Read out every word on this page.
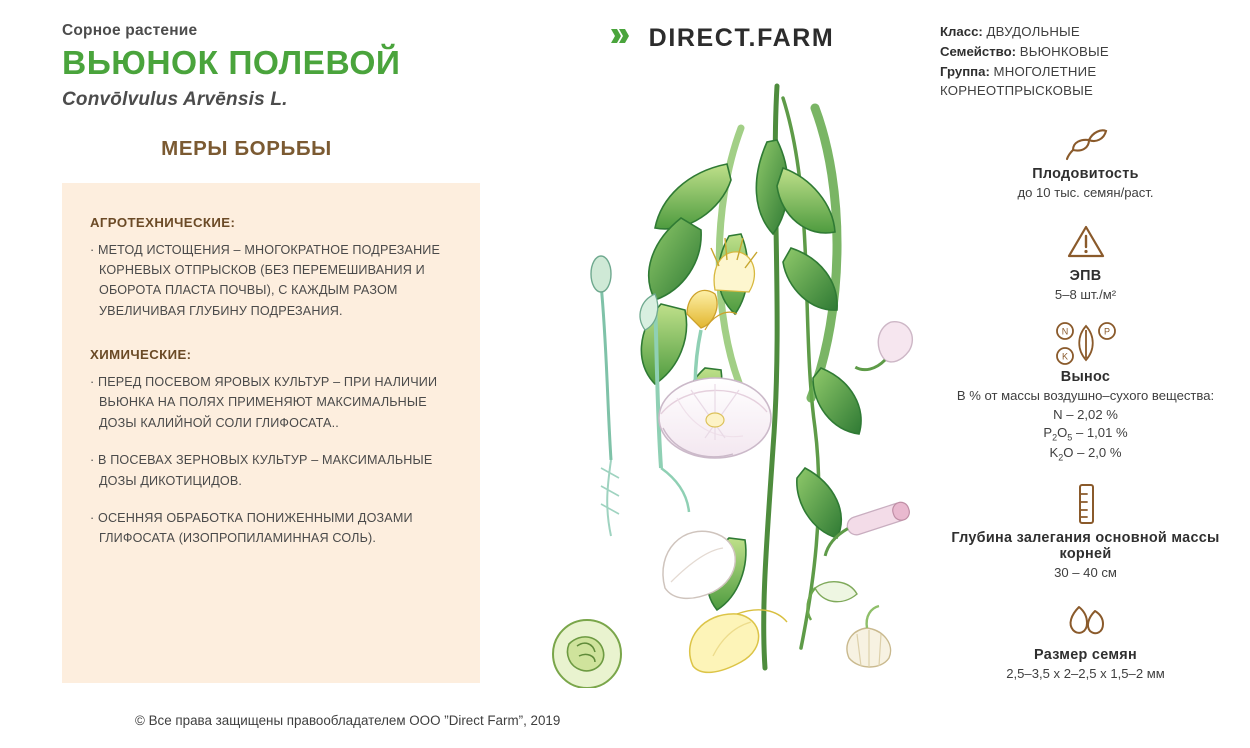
Сорное растение
ВЬЮНОК ПОЛЕВОЙ
Convōlvulus Arvēnsis L.
МЕРЫ БОРЬБЫ
АГРОТЕХНИЧЕСКИЕ:
· МЕТОД ИСТОЩЕНИЯ – МНОГОКРАТНОЕ ПОДРЕЗАНИЕ КОРНЕВЫХ ОТПРЫСКОВ (БЕЗ ПЕРЕМЕШИВАНИЯ И ОБОРОТА ПЛАСТА ПОЧВЫ), С КАЖДЫМ РАЗОМ УВЕЛИЧИВАЯ ГЛУБИНУ ПОДРЕЗАНИЯ.
ХИМИЧЕСКИЕ:
· ПЕРЕД ПОСЕВОМ ЯРОВЫХ КУЛЬТУР – ПРИ НАЛИЧИИ ВЬЮНКА НА ПОЛЯХ ПРИМЕНЯЮТ МАКСИМАЛЬНЫЕ ДОЗЫ КАЛИЙНОЙ СОЛИ ГЛИФОСАТА..
· В ПОСЕВАХ ЗЕРНОВЫХ КУЛЬТУР – МАКСИМАЛЬНЫЕ ДОЗЫ ДИКОТИЦИДОВ.
· ОСЕННЯЯ ОБРАБОТКА ПОНИЖЕННЫМИ ДОЗАМИ ГЛИФОСАТА (ИЗОПРОПИЛАМИННАЯ СОЛЬ).
DIRECT.FARM
© Все права защищены правообладателем ООО ”Direct Farm”, 2019
Класс: ДВУДОЛЬНЫЕ
Семейство: ВЬЮНКОВЫЕ
Группа: МНОГОЛЕТНИЕ КОРНЕОТПРЫСКОВЫЕ
Плодовитость
до 10 тыс. семян/раст.
ЭПВ
5–8 шт./м²
N	P
K
Вынос
В % от массы воздушно–сухого вещества:
N – 2,02 %
$P_2O_5 - 1,01$ %
$K_2O - 2,0$ %
Глубина залегания основной массы корней
30 – 40 см
Размер семян
2,5–3,5 x 2–2,5 x 1,5–2 мм
